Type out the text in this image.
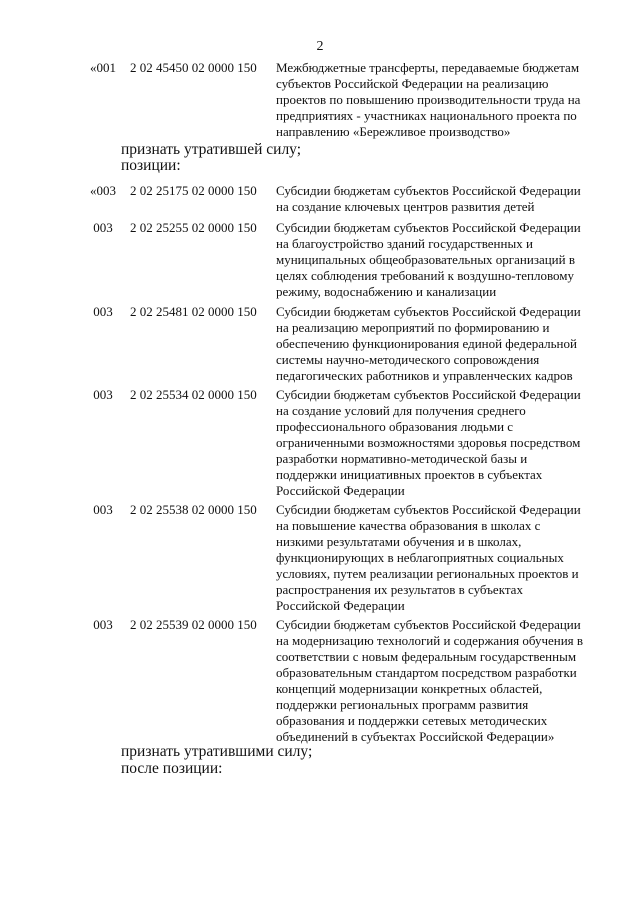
2
«001 2 02 45450 02 0000 150 Межбюджетные трансферты, передаваемые бюджетам
субъектов Российской Федерации на реализацию
проектов по повышению производительности труда на
предприятиях - участниках национального проекта по
направлению «Бережливое производство»
признать утратившей силу;
позиции:
«003 2 02 25175 02 0000 150 Субсидии бюджетам субъектов Российской Федерации
на создание ключевых центров развития детей
003 2 02 25255 02 0000 150 Субсидии бюджетам субъектов Российской Федерации
на благоустройство зданий государственных и
муниципальных общеобразовательных организаций в
целях соблюдения требований к воздушно-тепловому
режиму, водоснабжению и канализации
003 2 02 25481 02 0000 150 Субсидии бюджетам субъектов Российской Федерации
на реализацию мероприятий по формированию и
обеспечению функционирования единой федеральной
системы научно-методического сопровождения
педагогических работников и управленческих кадров
003 2 02 25534 02 0000 150 Субсидии бюджетам субъектов Российской Федерации
на создание условий для получения среднего
профессионального образования людьми с
ограниченными возможностями здоровья посредством
разработки нормативно-методической базы и
поддержки инициативных проектов в субъектах
Российской Федерации
003 2 02 25538 02 0000 150 Субсидии бюджетам субъектов Российской Федерации
на повышение качества образования в школах с
низкими результатами обучения и в школах,
функционирующих в неблагоприятных социальных
условиях, путем реализации региональных проектов и
распространения их результатов в субъектах
Российской Федерации
003 2 02 25539 02 0000 150 Субсидии бюджетам субъектов Российской Федерации
на модернизацию технологий и содержания обучения в
соответствии с новым федеральным государственным
образовательным стандартом посредством разработки
концепций модернизации конкретных областей,
поддержки региональных программ развития
образования и поддержки сетевых методических
объединений в субъектах Российской Федерации»
признать утратившими силу;
после позиции:
